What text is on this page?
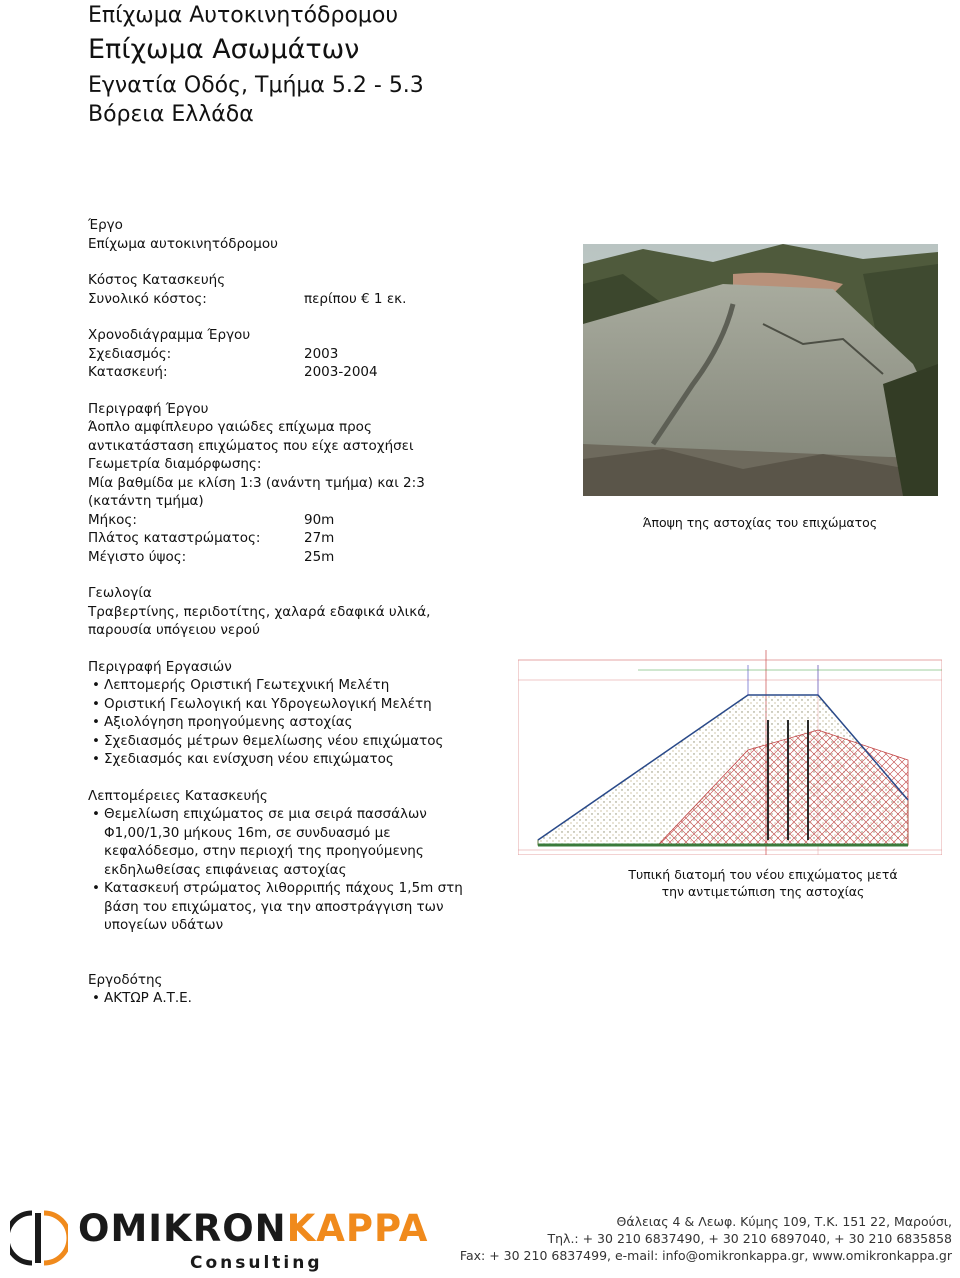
Επίχωμα Αυτοκινητόδρομου
Επίχωμα Ασωμάτων
Εγνατία Οδός, Τμήμα 5.2 - 5.3
Βόρεια Ελλάδα
Έργο
Επίχωμα αυτοκινητόδρομου
Κόστος Κατασκευής
Συνολικό κόστος:	περίπου € 1 εκ.
Χρονοδιάγραμμα Έργου
Σχεδιασμός:	2003
Κατασκευή:	2003-2004
Περιγραφή Έργου
Άοπλο αμφίπλευρο γαιώδες επίχωμα προς αντικατάσταση επιχώματος που είχε αστοχήσει
Γεωμετρία διαμόρφωσης:
Μία βαθμίδα με κλίση 1:3 (ανάντη τμήμα) και 2:3 (κατάντη τμήμα)
Μήκος:	90m
Πλάτος καταστρώματος:	27m
Μέγιστο ύψος:	25m
Γεωλογία
Τραβερτίνης, περιδοτίτης, χαλαρά εδαφικά υλικά, παρουσία υπόγειου νερού
Περιγραφή Εργασιών
• Λεπτομερής Οριστική Γεωτεχνική Μελέτη
• Οριστική Γεωλογική και Υδρογεωλογική Μελέτη
• Αξιολόγηση προηγούμενης αστοχίας
• Σχεδιασμός μέτρων θεμελίωσης νέου επιχώματος
• Σχεδιασμός και ενίσχυση νέου επιχώματος
Λεπτομέρειες Κατασκευής
• Θεμελίωση επιχώματος σε μια σειρά πασσάλων Φ1,00/1,30 μήκους 16m, σε συνδυασμό με κεφαλόδεσμο, στην περιοχή της προηγούμενης εκδηλωθείσας επιφάνειας αστοχίας
• Κατασκευή στρώματος λιθορριπής πάχους 1,5m στη βάση του επιχώματος, για την αποστράγγιση των υπογείων υδάτων
Εργοδότης
• ΑΚΤΩΡ Α.Τ.Ε.
Άποψη της αστοχίας του επιχώματος
Τυπική διατομή του νέου επιχώματος μετά
την αντιμετώπιση της αστοχίας
OMIKRONKAPPA
Consulting
Θάλειας 4 & Λεωφ. Κύμης 109, Τ.Κ. 151 22, Μαρούσι,
Τηλ.: + 30 210 6837490, + 30 210 6897040, + 30 210 6835858
Fax: + 30 210 6837499, e-mail: info@omikronkappa.gr, www.omikronkappa.gr
